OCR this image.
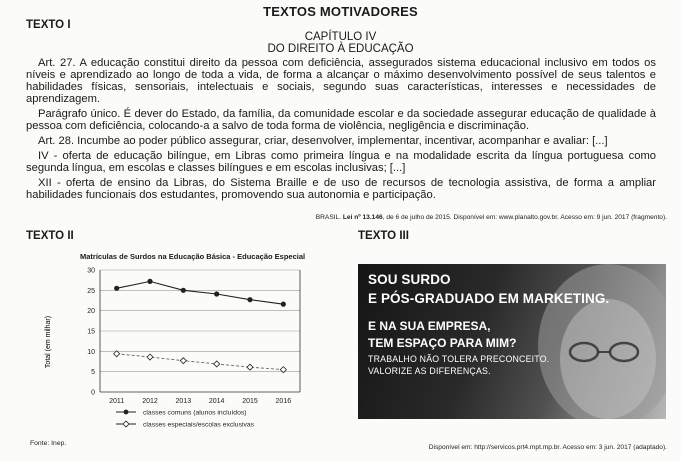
TEXTOS MOTIVADORES
TEXTO I
CAPÍTULO IV
DO DIREITO À EDUCAÇÃO

Art. 27. A educação constitui direito da pessoa com deficiência, assegurados sistema educacional inclusivo em todos os níveis e aprendizado ao longo de toda a vida, de forma a alcançar o máximo desenvolvimento possível de seus talentos e habilidades físicas, sensoriais, intelectuais e sociais, segundo suas características, interesses e necessidades de aprendizagem.

Parágrafo único. É dever do Estado, da família, da comunidade escolar e da sociedade assegurar educação de qualidade à pessoa com deficiência, colocando-a a salvo de toda forma de violência, negligência e discriminação.

Art. 28. Incumbe ao poder público assegurar, criar, desenvolver, implementar, incentivar, acompanhar e avaliar: [...]

IV - oferta de educação bilíngue, em Libras como primeira língua e na modalidade escrita da língua portuguesa como segunda língua, em escolas e classes bilíngues e em escolas inclusivas; [...]

XII - oferta de ensino da Libras, do Sistema Braille e de uso de recursos de tecnologia assistiva, de forma a ampliar habilidades funcionais dos estudantes, promovendo sua autonomia e participação.

BRASIL. Lei nº 13.146, de 6 de julho de 2015. Disponível em: www.planalto.gov.br. Acesso em: 9 jun. 2017 (fragmento).
TEXTO II
Matrículas de Surdos na Educação Básica - Educação Especial
0
5
10
15
20
25
30
2011	2012	2013	2014	2015	2016
Total (em milhar)
classes comuns (alunos incluídos)
classes especiais/escolas exclusivas
Fonte: Inep.
TEXTO III
SOU SURDO
E PÓS-GRADUADO EM MARKETING.
E NA SUA EMPRESA,
TEM ESPAÇO PARA MIM?
TRABALHO NÃO TOLERA PRECONCEITO.
VALORIZE AS DIFERENÇAS.
Disponível em: http://servicos.prt4.mpt.mp.br. Acesso em: 3 jun. 2017 (adaptado).
